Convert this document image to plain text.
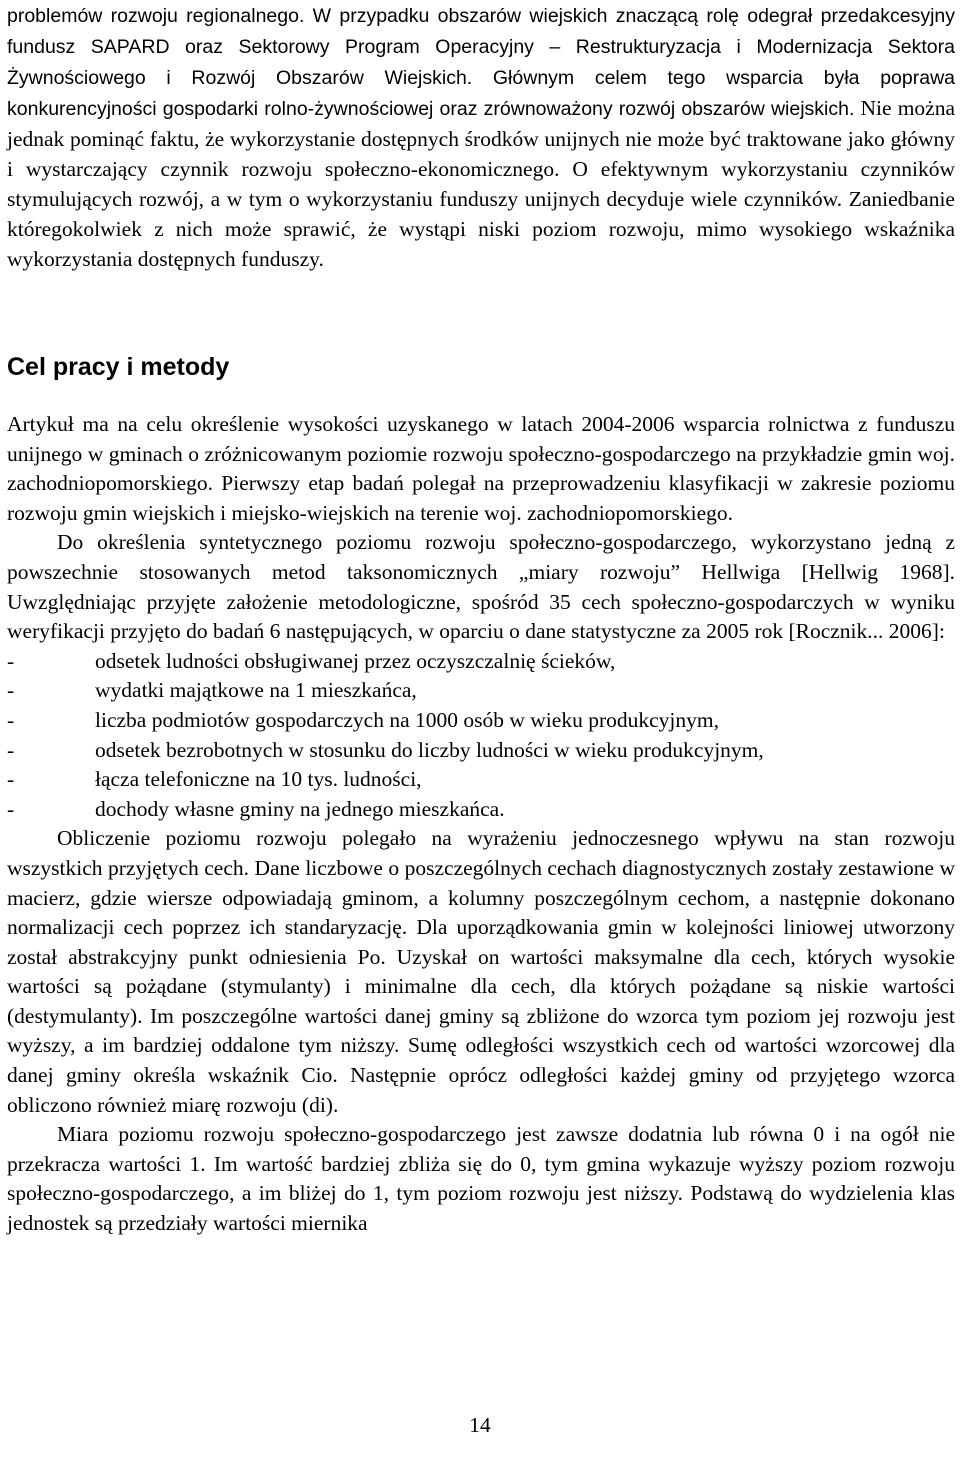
problemów rozwoju regionalnego. W przypadku obszarów wiejskich znaczącą rolę odegrał przedakcesyjny fundusz SAPARD oraz Sektorowy Program Operacyjny – Restrukturyzacja i Modernizacja Sektora Żywnościowego i Rozwój Obszarów Wiejskich. Głównym celem tego wsparcia była poprawa konkurencyjności gospodarki rolno-żywnościowej oraz zrównoważony rozwój obszarów wiejskich. Nie można jednak pominąć faktu, że wykorzystanie dostępnych środków unijnych nie może być traktowane jako główny i wystarczający czynnik rozwoju społeczno-ekonomicznego. O efektywnym wykorzystaniu czynników stymulujących rozwój, a w tym o wykorzystaniu funduszy unijnych decyduje wiele czynników. Zaniedbanie któregokolwiek z nich może sprawić, że wystąpi niski poziom rozwoju, mimo wysokiego wskaźnika wykorzystania dostępnych funduszy.

Cel pracy i metody

Artykuł ma na celu określenie wysokości uzyskanego w latach 2004-2006 wsparcia rolnictwa z funduszu unijnego w gminach o zróżnicowanym poziomie rozwoju społeczno-gospodarczego na przykładzie gmin woj. zachodniopomorskiego. Pierwszy etap badań polegał na przeprowadzeniu klasyfikacji w zakresie poziomu rozwoju gmin wiejskich i miejsko-wiejskich na terenie woj. zachodniopomorskiego.

Do określenia syntetycznego poziomu rozwoju społeczno-gospodarczego, wykorzystano jedną z powszechnie stosowanych metod taksonomicznych „miary rozwoju” Hellwiga [Hellwig 1968]. Uwzględniając przyjęte założenie metodologiczne, spośród 35 cech społeczno-gospodarczych w wyniku weryfikacji przyjęto do badań 6 następujących, w oparciu o dane statystyczne za 2005 rok [Rocznik... 2006]:

-	odsetek ludności obsługiwanej przez oczyszczalnię ścieków,
-	wydatki majątkowe na 1 mieszkańca,
-	liczba podmiotów gospodarczych na 1000 osób w wieku produkcyjnym,
-	odsetek bezrobotnych w stosunku do liczby ludności w wieku produkcyjnym,
-	łącza telefoniczne na 10 tys. ludności,
-	dochody własne gminy na jednego mieszkańca.

Obliczenie poziomu rozwoju polegało na wyrażeniu jednoczesnego wpływu na stan rozwoju wszystkich przyjętych cech. Dane liczbowe o poszczególnych cechach diagnostycznych zostały zestawione w macierz, gdzie wiersze odpowiadają gminom, a kolumny poszczególnym cechom, a następnie dokonano normalizacji cech poprzez ich standaryzację. Dla uporządkowania gmin w kolejności liniowej utworzony został abstrakcyjny punkt odniesienia Po. Uzyskał on wartości maksymalne dla cech, których wysokie wartości są pożądane (stymulanty) i minimalne dla cech, dla których pożądane są niskie wartości (destymulanty). Im poszczególne wartości danej gminy są zbliżone do wzorca tym poziom jej rozwoju jest wyższy, a im bardziej oddalone tym niższy. Sumę odległości wszystkich cech od wartości wzorcowej dla danej gminy określa wskaźnik Cio. Następnie oprócz odległości każdej gminy od przyjętego wzorca obliczono również miarę rozwoju (di).

Miara poziomu rozwoju społeczno-gospodarczego jest zawsze dodatnia lub równa 0 i na ogół nie przekracza wartości 1. Im wartość bardziej zbliża się do 0, tym gmina wykazuje wyższy poziom rozwoju społeczno-gospodarczego, a im bliżej do 1, tym poziom rozwoju jest niższy. Podstawą do wydzielenia klas jednostek są przedziały wartości miernika

14
